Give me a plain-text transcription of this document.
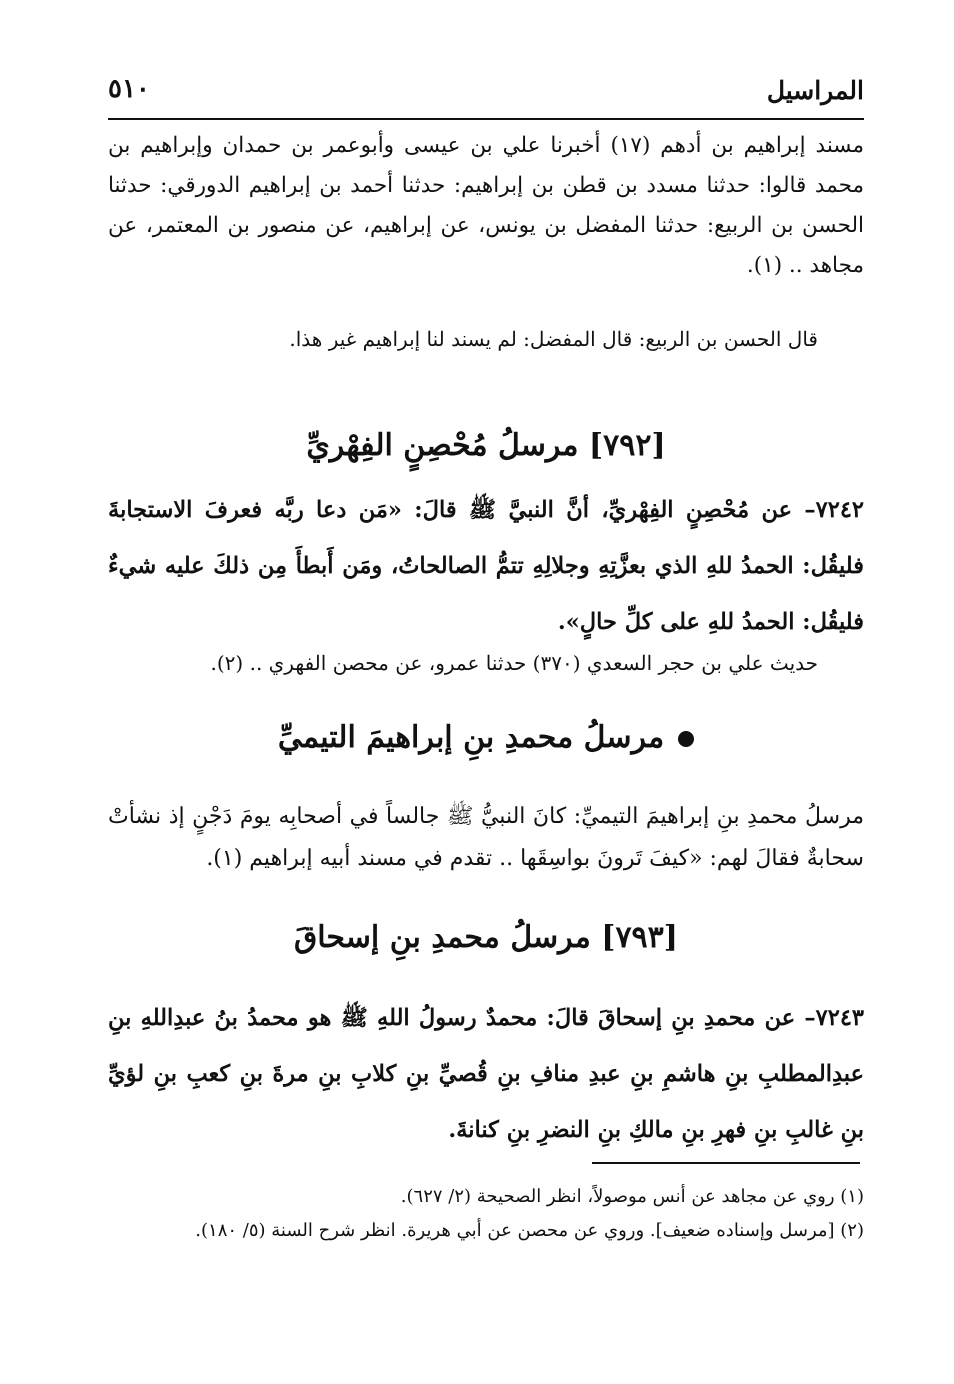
المراسيل
٥١٠
مسند إبراهيم بن أدهم (١٧) أخبرنا علي بن عيسى وأبوعمر بن حمدان وإبراهيم بن محمد قالوا: حدثنا مسدد بن قطن بن إبراهيم: حدثنا أحمد بن إبراهيم الدورقي: حدثنا الحسن بن الربيع: حدثنا المفضل بن يونس، عن إبراهيم، عن منصور بن المعتمر، عن مجاهد .. (١).
قال الحسن بن الربيع: قال المفضل: لم يسند لنا إبراهيم غير هذا.
[٧٩٢] مرسلُ مُحْصِنٍ الفِهْريِّ
٧٢٤٢– عن مُحْصِنٍ الفِهْريِّ، أنَّ النبيَّ ﷺ قالَ: «مَن دعا ربَّه فعرفَ الاستجابةَ فليقُل: الحمدُ للهِ الذي بعزَّتِهِ وجلالِهِ تتمُّ الصالحاتُ، ومَن أَبطأَ مِن ذلكَ عليه شيءٌ فليقُل: الحمدُ للهِ على كلِّ حالٍ».
حديث علي بن حجر السعدي (٣٧٠) حدثنا عمرو، عن محصن الفهري .. (٢).
مرسلُ محمدِ بنِ إبراهيمَ التيميِّ
مرسلُ محمدِ بنِ إبراهيمَ التيميِّ: كانَ النبيُّ ﷺ جالساً في أصحابِه يومَ دَجْنٍ إذ نشأتْ سحابةٌ فقالَ لهم: «كيفَ تَرونَ بواسِقَها .. تقدم في مسند أبيه إبراهيم (١).
[٧٩٣] مرسلُ محمدِ بنِ إسحاقَ
٧٢٤٣– عن محمدِ بنِ إسحاقَ قالَ: محمدٌ رسولُ اللهِ ﷺ هو محمدُ بنُ عبدِاللهِ بنِ عبدِالمطلبِ بنِ هاشمِ بنِ عبدِ منافِ بنِ قُصيِّ بنِ كلابِ بنِ مرةَ بنِ كعبِ بنِ لؤيِّ بنِ غالبِ بنِ فهرِ بنِ مالكِ بنِ النضرِ بنِ كنانةَ.
(١) روي عن مجاهد عن أنس موصولاً، انظر الصحيحة (٢/ ٦٢٧).
(٢) [مرسل وإسناده ضعيف]. وروي عن محصن عن أبي هريرة. انظر شرح السنة (٥/ ١٨٠).
